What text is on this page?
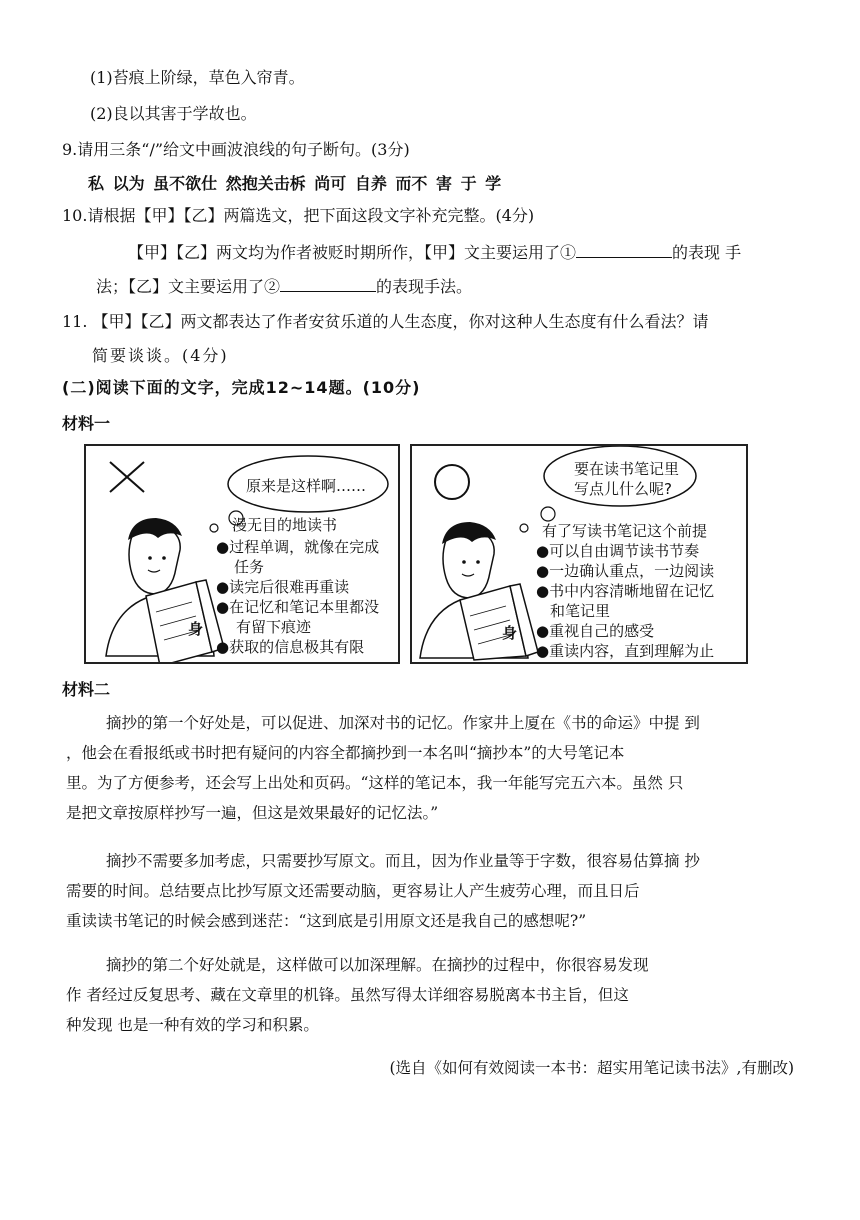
(1)苔痕上阶绿，草色入帘青。
(2)良以其害于学故也。
9.请用三条“/”给文中画波浪线的句子断句。(3分)
私 以为 虽不欲仕 然抱关击柝 尚可 自养 而不 害 于 学
10.请根据【甲】【乙】两篇选文，把下面这段文字补充完整。(4分)
【甲】【乙】两文均为作者被贬时期所作，【甲】文主要运用了①	的表现 手
法；【乙】文主要运用了②	的表现手法。
11. 【甲】【乙】两文都表达了作者安贫乐道的人生态度，你对这种人生态度有什么看法？请
简要谈谈。(4分)
(二)阅读下面的文字，完成12~14题。(10分)
材料一
原来是这样啊……
漫无目的地读书
●过程单调，就像在完成
任务
●读完后很难再重读
●在记忆和笔记本里都没
有留下痕迹
●获取的信息极其有限
身
要在读书笔记里
写点儿什么呢?
有了写读书笔记这个前提
●可以自由调节读书节奏
●一边确认重点，一边阅读
●书中内容清晰地留在记忆
和笔记里
●重视自己的感受
●重读内容，直到理解为止
身
材料二
摘抄的第一个好处是，可以促进、加深对书的记忆。作家井上厦在《书的命运》中提 到
，他会在看报纸或书时把有疑问的内容全都摘抄到一本名叫“摘抄本”的大号笔记本
里。为了方便参考，还会写上出处和页码。“这样的笔记本，我一年能写完五六本。虽然 只
是把文章按原样抄写一遍，但这是效果最好的记忆法。”
摘抄不需要多加考虑，只需要抄写原文。而且，因为作业量等于字数，很容易估算摘 抄
需要的时间。总结要点比抄写原文还需要动脑，更容易让人产生疲劳心理，而且日后
重读读书笔记的时候会感到迷茫：“这到底是引用原文还是我自己的感想呢?”
摘抄的第二个好处就是，这样做可以加深理解。在摘抄的过程中，你很容易发现
作 者经过反复思考、藏在文章里的机锋。虽然写得太详细容易脱离本书主旨，但这
种发现 也是一种有效的学习和积累。
(选自《如何有效阅读一本书：超实用笔记读书法》,有删改)
